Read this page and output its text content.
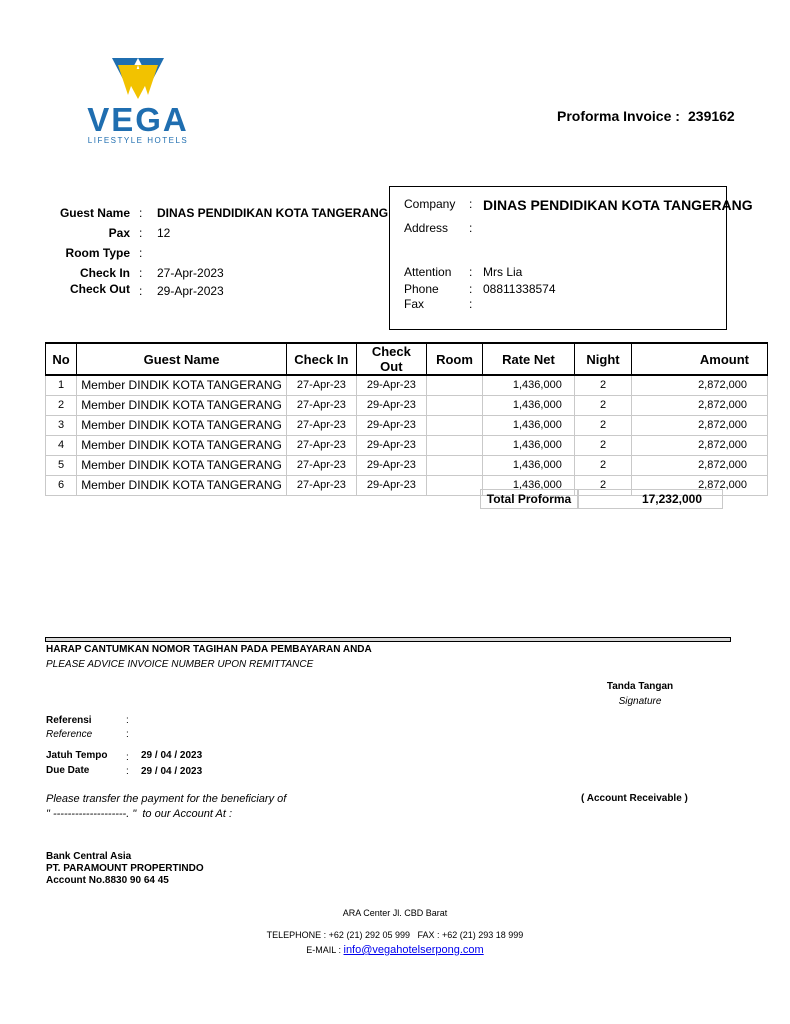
VEGA
LIFESTYLE HOTELS
Proforma Invoice : 239162
Guest Name : DINAS PENDIDIKAN KOTA TANGERANG
Pax : 12
Room Type :
Check In : 27-Apr-2023
Check Out : 29-Apr-2023
Company : DINAS PENDIDIKAN KOTA TANGERANG
Address :
Attention : Mrs Lia
Phone	: 08811338574
Fax	:
No	Guest Name	Check In	Check Out	Room	Rate Net	Night	Amount
1	Member DINDIK KOTA TANGERANG	27-Apr-23	29-Apr-23		1,436,000	2	2,872,000
2	Member DINDIK KOTA TANGERANG	27-Apr-23	29-Apr-23		1,436,000	2	2,872,000
3	Member DINDIK KOTA TANGERANG	27-Apr-23	29-Apr-23		1,436,000	2	2,872,000
4	Member DINDIK KOTA TANGERANG	27-Apr-23	29-Apr-23		1,436,000	2	2,872,000
5	Member DINDIK KOTA TANGERANG	27-Apr-23	29-Apr-23		1,436,000	2	2,872,000
6	Member DINDIK KOTA TANGERANG	27-Apr-23	29-Apr-23		1,436,000	2	2,872,000
Total Proforma	17,232,000
HARAP CANTUMKAN NOMOR TAGIHAN PADA PEMBAYARAN ANDA
PLEASE ADVICE INVOICE NUMBER UPON REMITTANCE
Tanda Tangan
Signature
Referensi	:
Reference	:
Jatuh Tempo : 29 / 04 / 2023
Due Date	: 29 / 04 / 2023
Please transfer the payment for the beneficiary of
" --------------------. "  to our Account At :
( Account Receivable )
Bank Central Asia
PT. PARAMOUNT PROPERTINDO
Account No.8830 90 64 45
ARA Center Jl. CBD Barat
TELEPHONE : +62 (21) 292 05 999   FAX : +62 (21) 293 18 999
E-MAIL : info@vegahotelserpong.com
